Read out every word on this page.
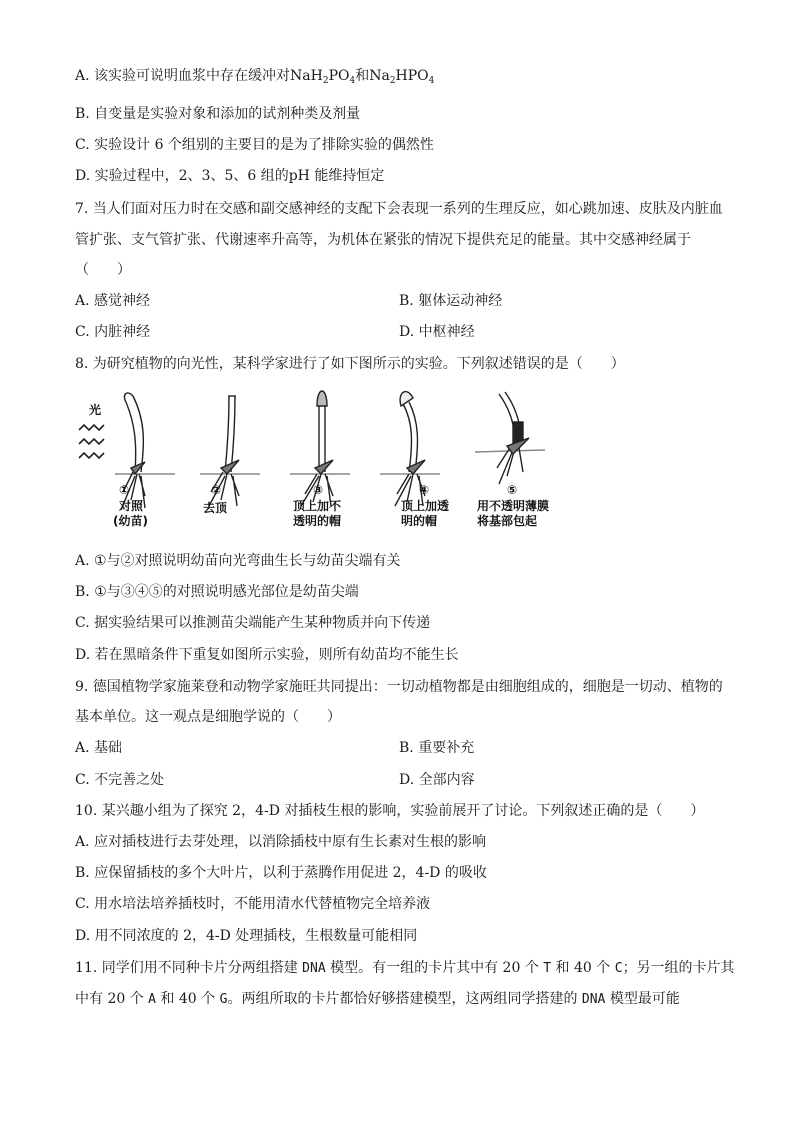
A. 该实验可说明血浆中存在缓冲对$NaH_2PO_4$和$Na_2HPO_4$
B. 自变量是实验对象和添加的试剂种类及剂量
C. 实验设计 6 个组别的主要目的是为了排除实验的偶然性
D. 实验过程中，2、3、5、6 组的pH 能维持恒定
7. 当人们面对压力时在交感和副交感神经的支配下会表现一系列的生理反应，如心跳加速、皮肤及内脏血
管扩张、支气管扩张、代谢速率升高等，为机体在紧张的情况下提供充足的能量。其中交感神经属于
（　　）
A. 感觉神经	B. 躯体运动神经
C. 内脏神经	D. 中枢神经
8. 为研究植物的向光性，某科学家进行了如下图所示的实验。下列叙述错误的是（　　）
光
①
对照
(幼苗)
②
去顶
③
顶上加不
透明的帽
④
顶上加透
明的帽
⑤
用不透明薄膜
将基部包起
A. ①与②对照说明幼苗向光弯曲生长与幼苗尖端有关
B. ①与③④⑤的对照说明感光部位是幼苗尖端
C. 据实验结果可以推测苗尖端能产生某种物质并向下传递
D. 若在黑暗条件下重复如图所示实验，则所有幼苗均不能生长
9. 德国植物学家施莱登和动物学家施旺共同提出：一切动植物都是由细胞组成的，细胞是一切动、植物的
基本单位。这一观点是细胞学说的（　　）
A. 基础	B. 重要补充
C. 不完善之处	D. 全部内容
10. 某兴趣小组为了探究 2，4-D 对插枝生根的影响，实验前展开了讨论。下列叙述正确的是（　　）
A. 应对插枝进行去芽处理，以消除插枝中原有生长素对生根的影响
B. 应保留插枝的多个大叶片，以利于蒸腾作用促进 2，4-D 的吸收
C. 用水培法培养插枝时，不能用清水代替植物完全培养液
D. 用不同浓度的 2，4-D 处理插枝，生根数量可能相同
11. 同学们用不同种卡片分两组搭建 DNA 模型。有一组的卡片其中有 20 个 T 和 40 个 C；另一组的卡片其
中有 20 个 A 和 40 个 G。两组所取的卡片都恰好够搭建模型，这两组同学搭建的 DNA 模型最可能
